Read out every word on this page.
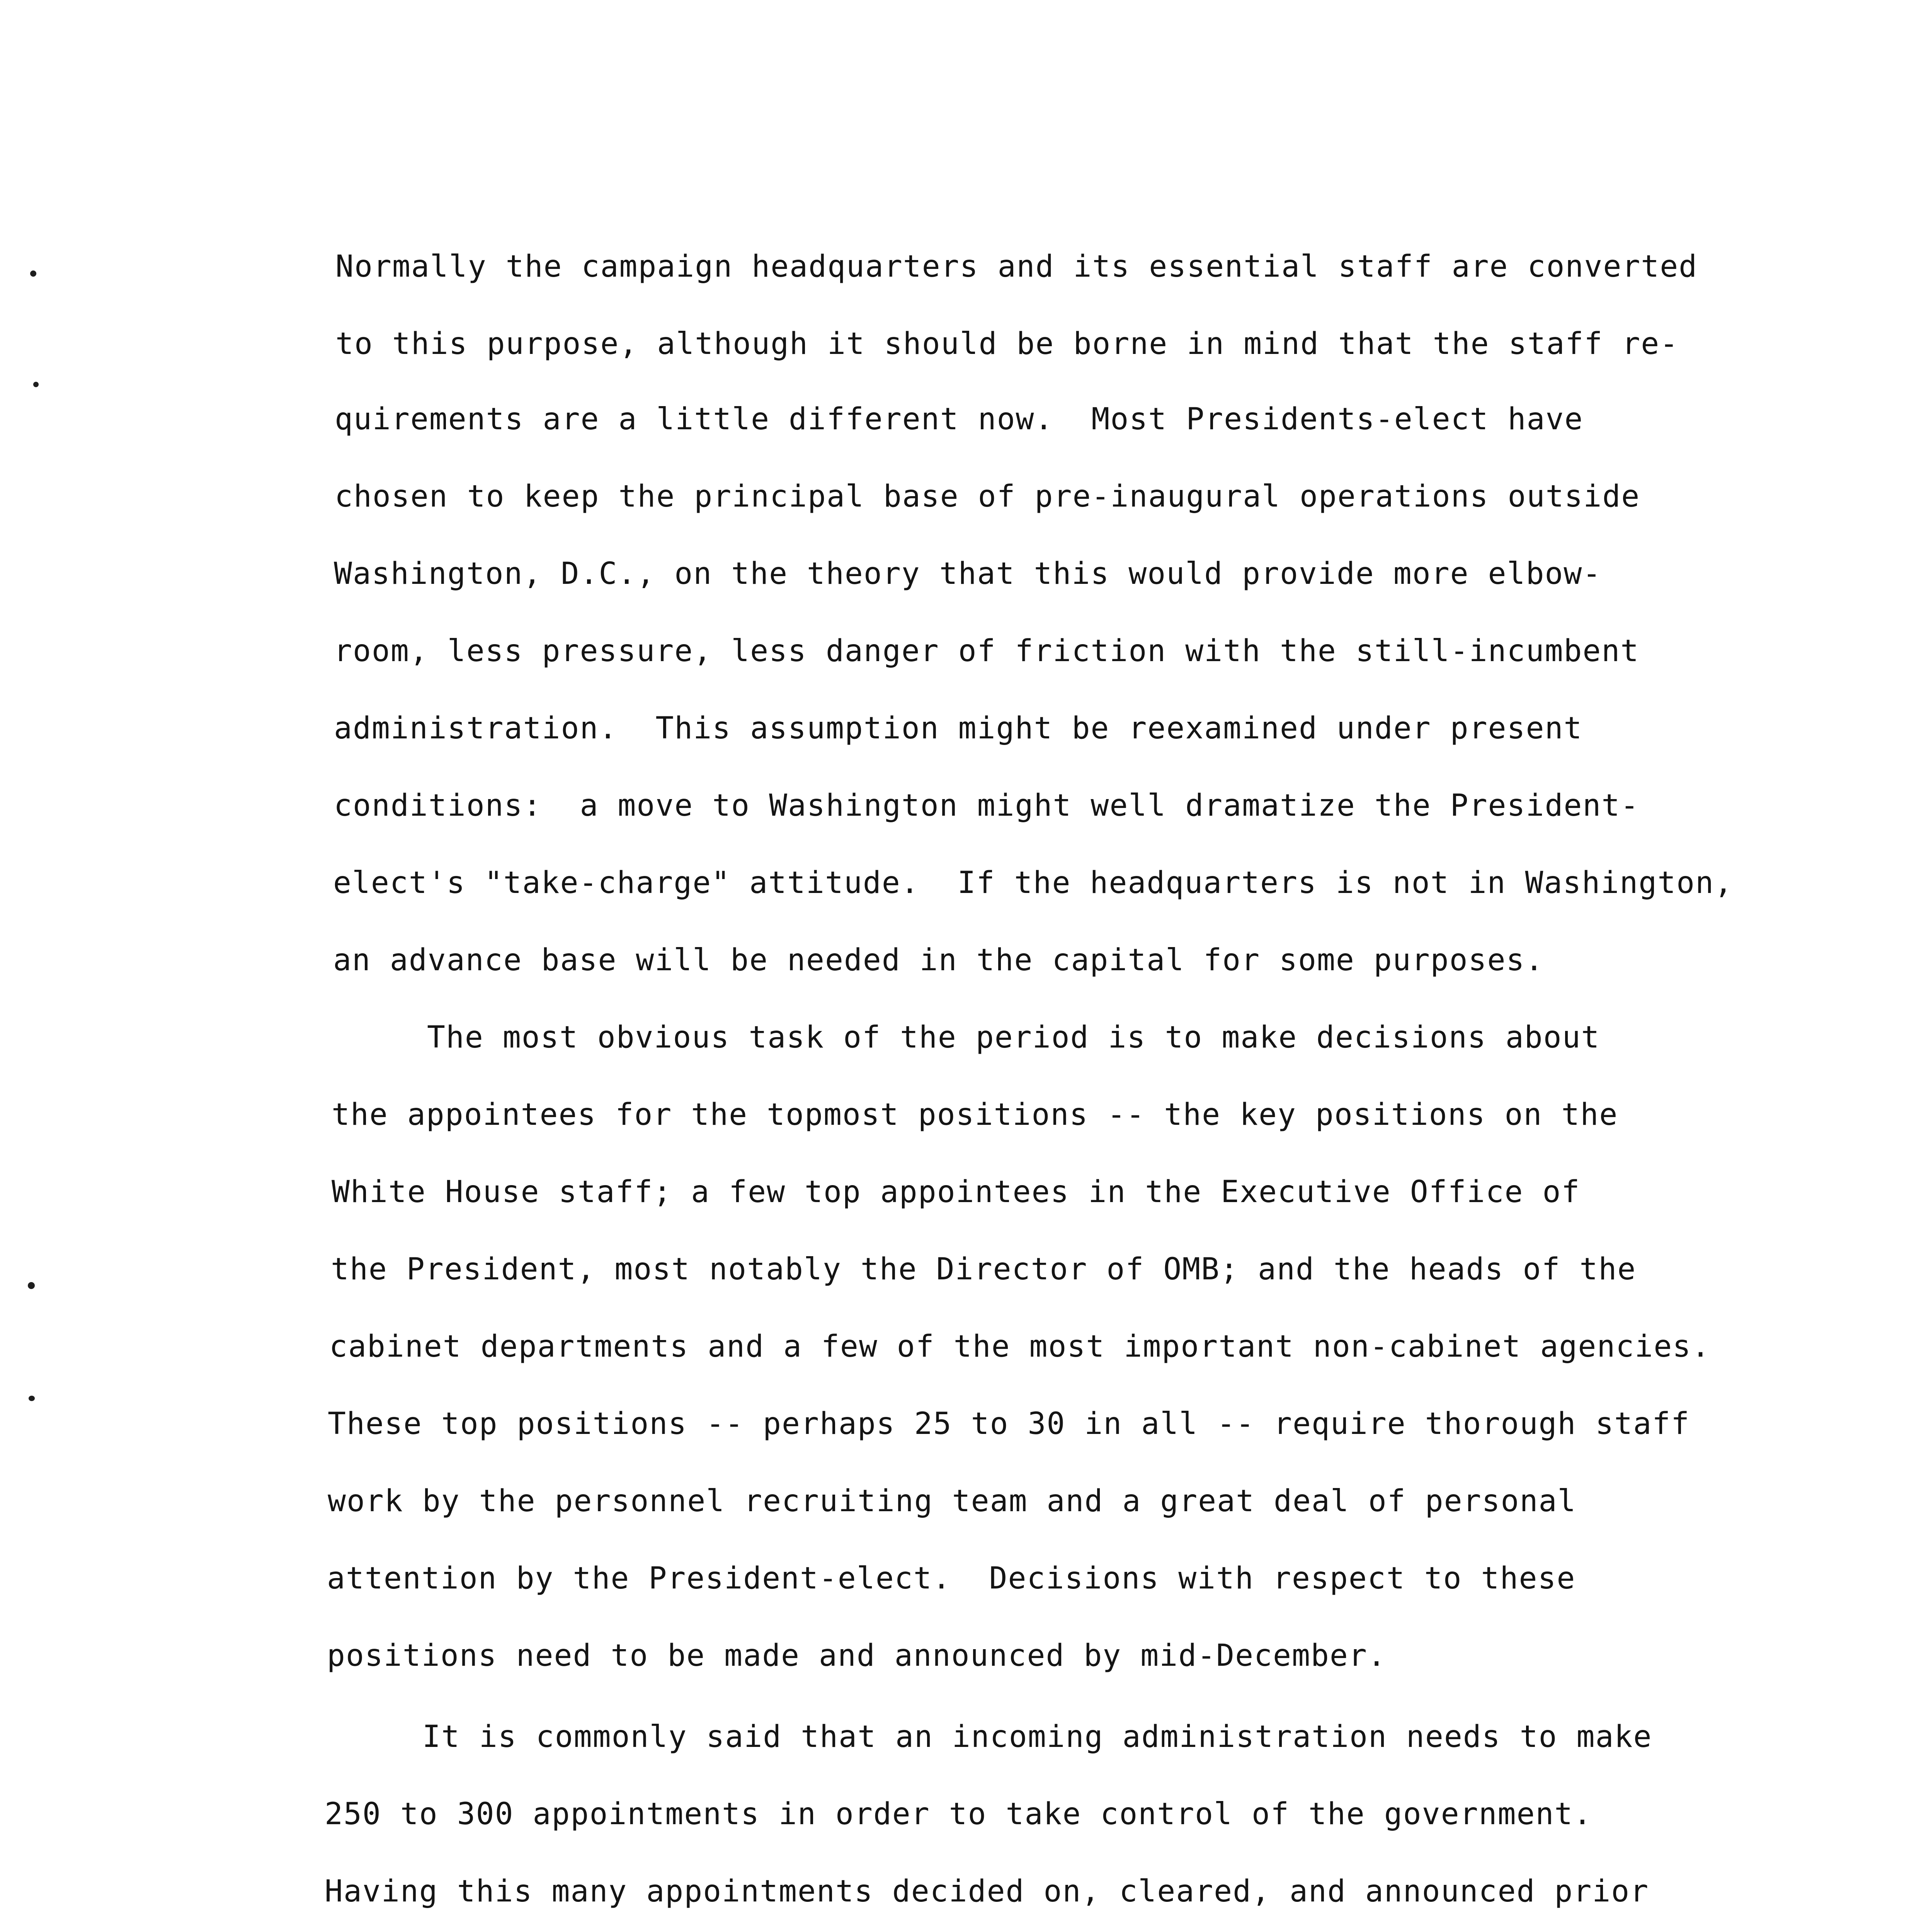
Normally the campaign headquarters and its essential staff are converted

to this purpose, although it should be borne in mind that the staff re-

quirements are a little different now.  Most Presidents-elect have

chosen to keep the principal base of pre-inaugural operations outside

Washington, D.C., on the theory that this would provide more elbow-

room, less pressure, less danger of friction with the still-incumbent

administration.  This assumption might be reexamined under present

conditions:  a move to Washington might well dramatize the President-

elect's "take-charge" attitude.  If the headquarters is not in Washington,

an advance base will be needed in the capital for some purposes.

The most obvious task of the period is to make decisions about

the appointees for the topmost positions -- the key positions on the

White House staff; a few top appointees in the Executive Office of

the President, most notably the Director of OMB; and the heads of the

cabinet departments and a few of the most important non-cabinet agencies.

These top positions -- perhaps 25 to 30 in all -- require thorough staff

work by the personnel recruiting team and a great deal of personal

attention by the President-elect.  Decisions with respect to these

positions need to be made and announced by mid-December.

It is commonly said that an incoming administration needs to make

250 to 300 appointments in order to take control of the government.

Having this many appointments decided on, cleared, and announced prior
